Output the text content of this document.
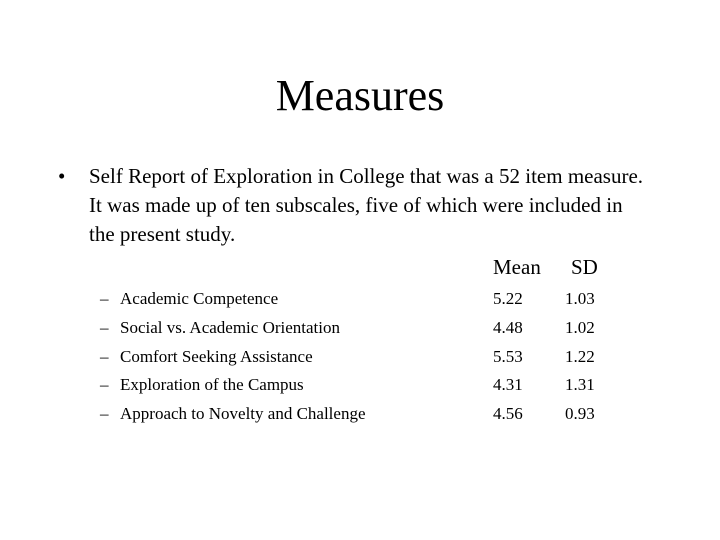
Measures
•	Self Report of Exploration in College that was a 52 item measure. It was made up of ten subscales, five of which were included in the present study.
Mean SD
– Academic Competence	5.22 1.03
– Social vs. Academic Orientation	4.48 1.02
– Comfort Seeking Assistance	5.53 1.22
– Exploration of the Campus	4.31 1.31
– Approach to Novelty and Challenge	4.56 0.93
